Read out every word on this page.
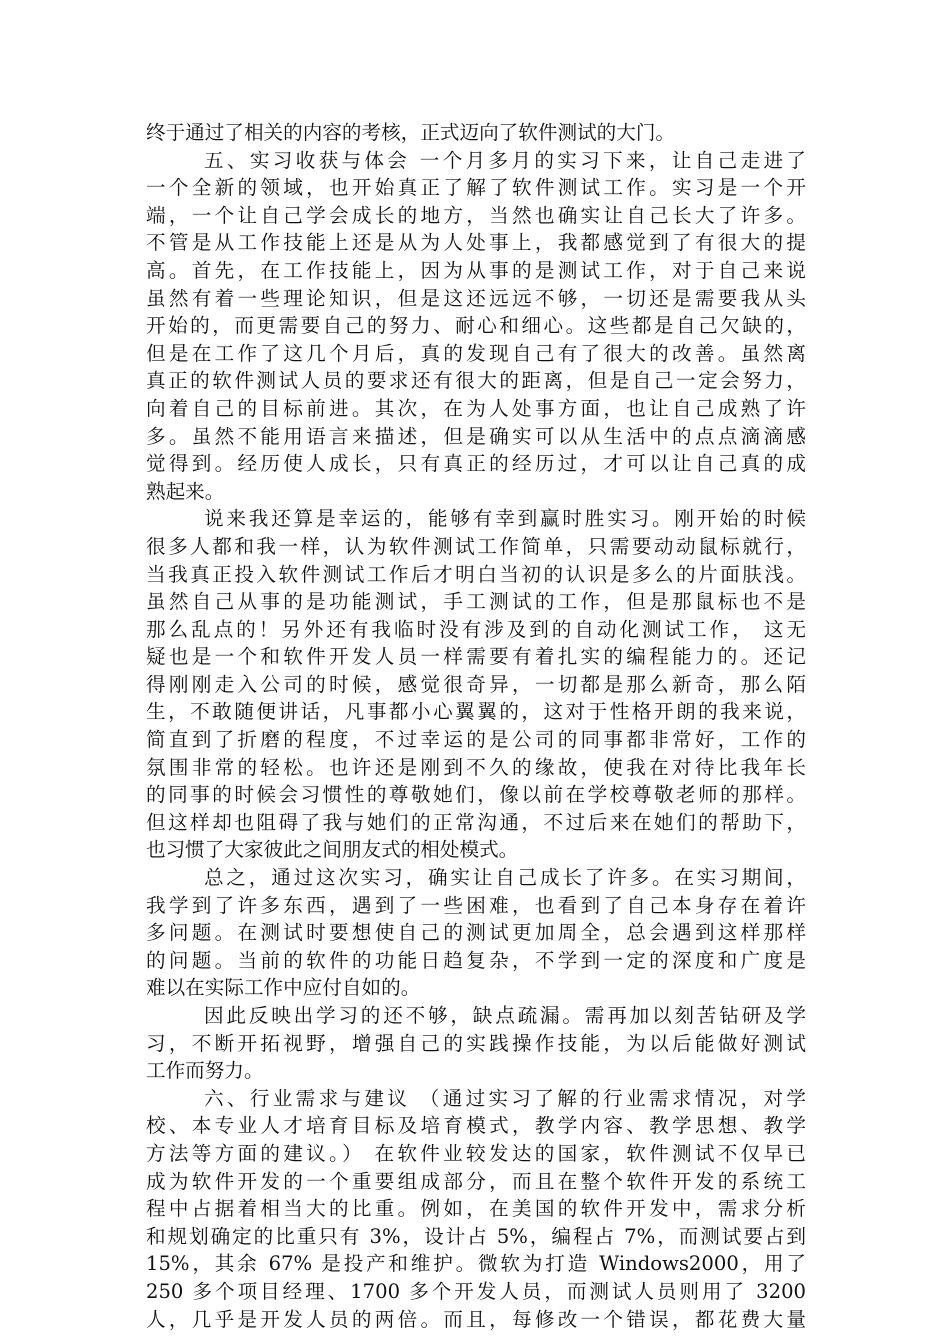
终于通过了相关的内容的考核，正式迈向了软件测试的大门。
五、实习收获与体会 一个月多月的实习下来，让自己走进了
一个全新的领域，也开始真正了解了软件测试工作。实习是一个开
端，一个让自己学会成长的地方，当然也确实让自己长大了许多。
不管是从工作技能上还是从为人处事上，我都感觉到了有很大的提
高。首先，在工作技能上，因为从事的是测试工作，对于自己来说
虽然有着一些理论知识，但是这还远远不够，一切还是需要我从头
开始的，而更需要自己的努力、耐心和细心。这些都是自己欠缺的，
但是在工作了这几个月后，真的发现自己有了很大的改善。虽然离
真正的软件测试人员的要求还有很大的距离，但是自己一定会努力，
向着自己的目标前进。其次，在为人处事方面，也让自己成熟了许
多。虽然不能用语言来描述，但是确实可以从生活中的点点滴滴感
觉得到。经历使人成长，只有真正的经历过，才可以让自己真的成
熟起来。
说来我还算是幸运的，能够有幸到赢时胜实习。刚开始的时候
很多人都和我一样，认为软件测试工作简单，只需要动动鼠标就行，
当我真正投入软件测试工作后才明白当初的认识是多么的片面肤浅。
虽然自己从事的是功能测试，手工测试的工作，但是那鼠标也不是
那么乱点的！另外还有我临时没有涉及到的自动化测试工作， 这无
疑也是一个和软件开发人员一样需要有着扎实的编程能力的。还记
得刚刚走入公司的时候，感觉很奇异，一切都是那么新奇，那么陌
生，不敢随便讲话，凡事都小心翼翼的，这对于性格开朗的我来说，
简直到了折磨的程度，不过幸运的是公司的同事都非常好，工作的
氛围非常的轻松。也许还是刚到不久的缘故，使我在对待比我年长
的同事的时候会习惯性的尊敬她们，像以前在学校尊敬老师的那样。
但这样却也阻碍了我与她们的正常沟通，不过后来在她们的帮助下，
也习惯了大家彼此之间朋友式的相处模式。
总之，通过这次实习，确实让自己成长了许多。在实习期间，
我学到了许多东西，遇到了一些困难，也看到了自己本身存在着许
多问题。在测试时要想使自己的测试更加周全，总会遇到这样那样
的问题。当前的软件的功能日趋复杂，不学到一定的深度和广度是
难以在实际工作中应付自如的。
因此反映出学习的还不够，缺点疏漏。需再加以刻苦钻研及学
习，不断开拓视野，增强自己的实践操作技能，为以后能做好测试
工作而努力。
六、行业需求与建议 （通过实习了解的行业需求情况，对学
校、本专业人才培育目标及培育模式，教学内容、教学思想、教学
方法等方面的建议。） 在软件业较发达的国家，软件测试不仅早已
成为软件开发的一个重要组成部分，而且在整个软件开发的系统工
程中占据着相当大的比重。例如，在美国的软件开发中，需求分析
和规划确定的比重只有 3%，设计占 5%，编程占 7%，而测试要占到
15%，其余 67% 是投产和维护。微软为打造 Windows2000，用了
250 多个项目经理、1700 多个开发人员，而测试人员则用了 3200
人，几乎是开发人员的两倍。而且，每修改一个错误，都花费大量
